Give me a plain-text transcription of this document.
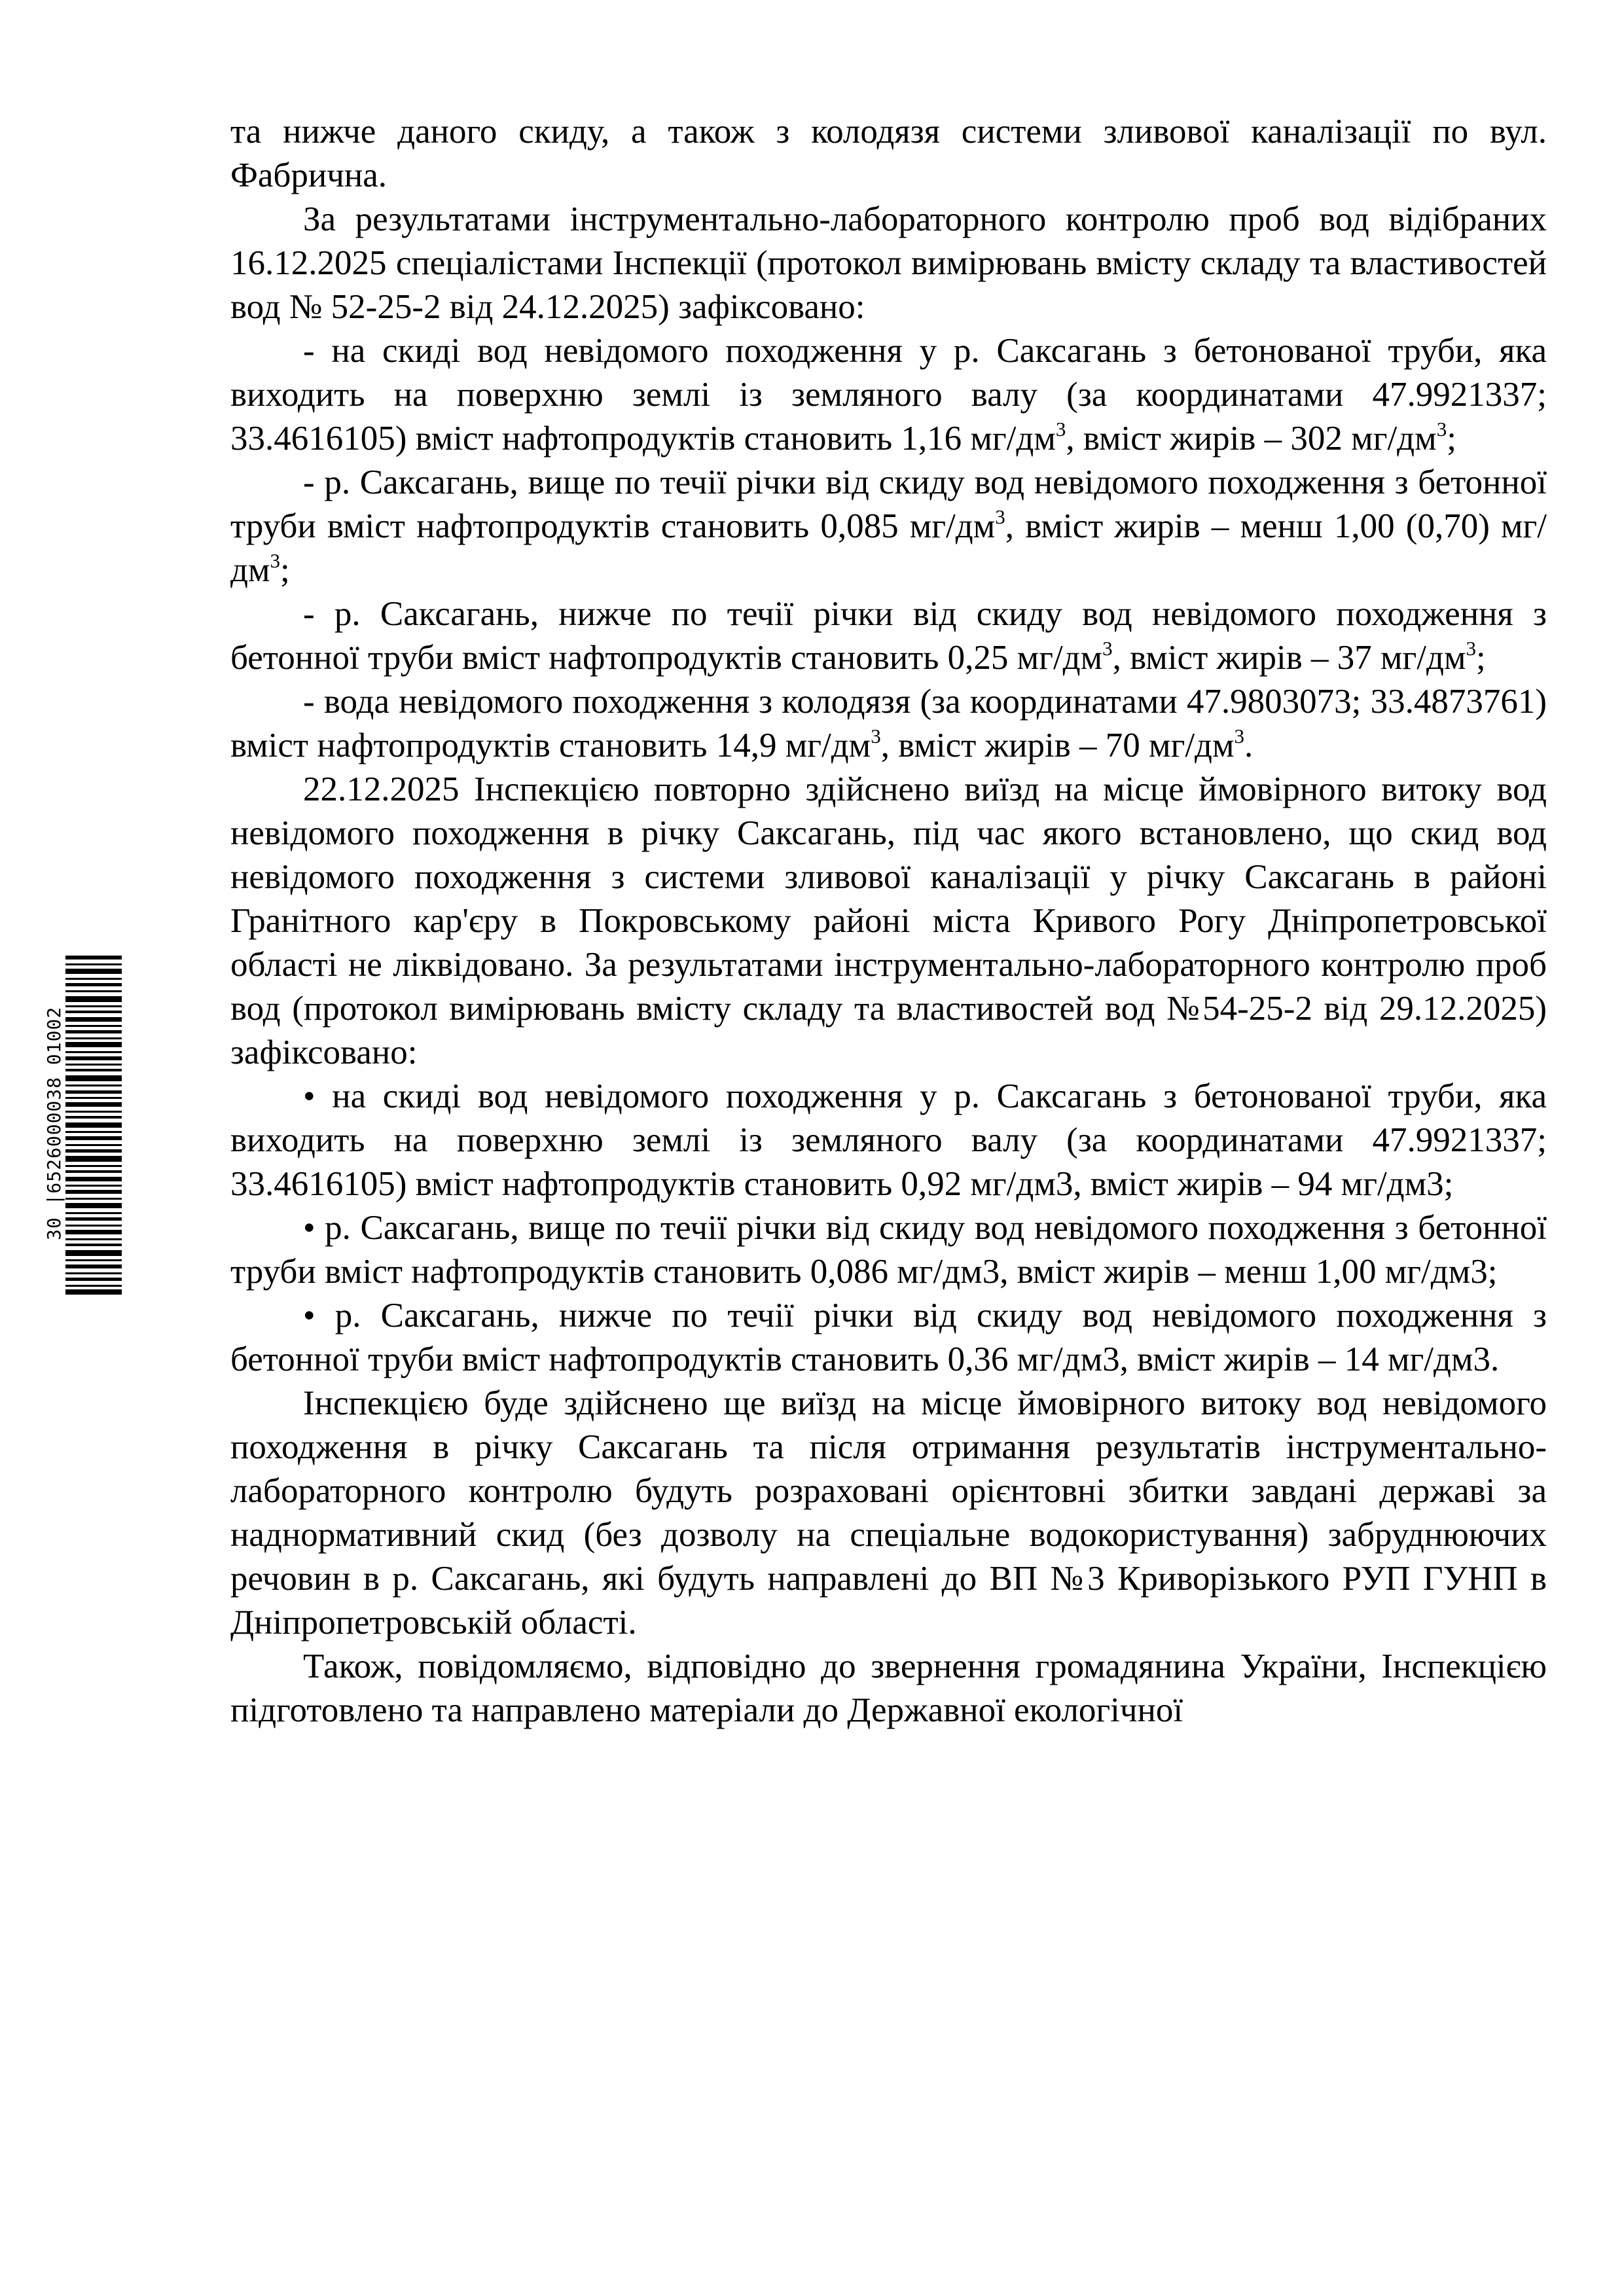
та нижче даного скиду, а також з колодязя системи зливової каналізації по вул. Фабрична.

За результатами інструментально-лабораторного контролю проб вод відібраних 16.12.2025 спеціалістами Інспекції (протокол вимірювань вмісту складу та властивостей вод № 52-25-2 від 24.12.2025) зафіксовано:

- на скиді вод невідомого походження у р. Саксагань з бетонованої труби, яка виходить на поверхню землі із земляного валу (за координатами 47.9921337; 33.4616105) вміст нафтопродуктів становить 1,16 $мг/дм^3$, вміст жирів – 302 $мг/дм^3$;

- р. Саксагань, вище по течії річки від скиду вод невідомого походження з бетонної труби вміст нафтопродуктів становить 0,085 $мг/дм^3$, вміст жирів – менш 1,00 (0,70) $мг/дм^3$;

- р. Саксагань, нижче по течії річки від скиду вод невідомого походження з бетонної труби вміст нафтопродуктів становить 0,25 $мг/дм^3$, вміст жирів – 37 $мг/дм^3$;

- вода невідомого походження з колодязя (за координатами 47.9803073; 33.4873761) вміст нафтопродуктів становить 14,9 $мг/дм^3$, вміст жирів – 70 $мг/дм^3$.

22.12.2025 Інспекцією повторно здійснено виїзд на місце ймовірного витоку вод невідомого походження в річку Саксагань, під час якого встановлено, що скид вод невідомого походження з системи зливової каналізації у річку Саксагань в районі Гранітного кар'єру в Покровському районі міста Кривого Рогу Дніпропетровської області не ліквідовано. За результатами інструментально-лабораторного контролю проб вод (протокол вимірювань вмісту складу та властивостей вод №54-25-2 від 29.12.2025) зафіксовано:

• на скиді вод невідомого походження у р. Саксагань з бетонованої труби, яка виходить на поверхню землі із земляного валу (за координатами 47.9921337; 33.4616105) вміст нафтопродуктів становить 0,92 мг/дм3, вміст жирів – 94 мг/дм3;

• р. Саксагань, вище по течії річки від скиду вод невідомого походження з бетонної труби вміст нафтопродуктів становить 0,086 мг/дм3, вміст жирів – менш 1,00 мг/дм3;

• р. Саксагань, нижче по течії річки від скиду вод невідомого походження з бетонної труби вміст нафтопродуктів становить 0,36 мг/дм3, вміст жирів – 14 мг/дм3.

Інспекцією буде здійснено ще виїзд на місце ймовірного витоку вод невідомого походження в річку Саксагань та після отримання результатів інструментально-лабораторного контролю будуть розраховані орієнтовні збитки завдані державі за наднормативний скид (без дозволу на спеціальне водокористування) забруднюючих речовин в р. Саксагань, які будуть направлені до ВП №3 Криворізького РУП ГУНП в Дніпропетровській області.

Також, повідомляємо, відповідно до звернення громадянина України, Інспекцією підготовлено та направлено матеріали до Державної екологічної

30 |6526000038 01002
